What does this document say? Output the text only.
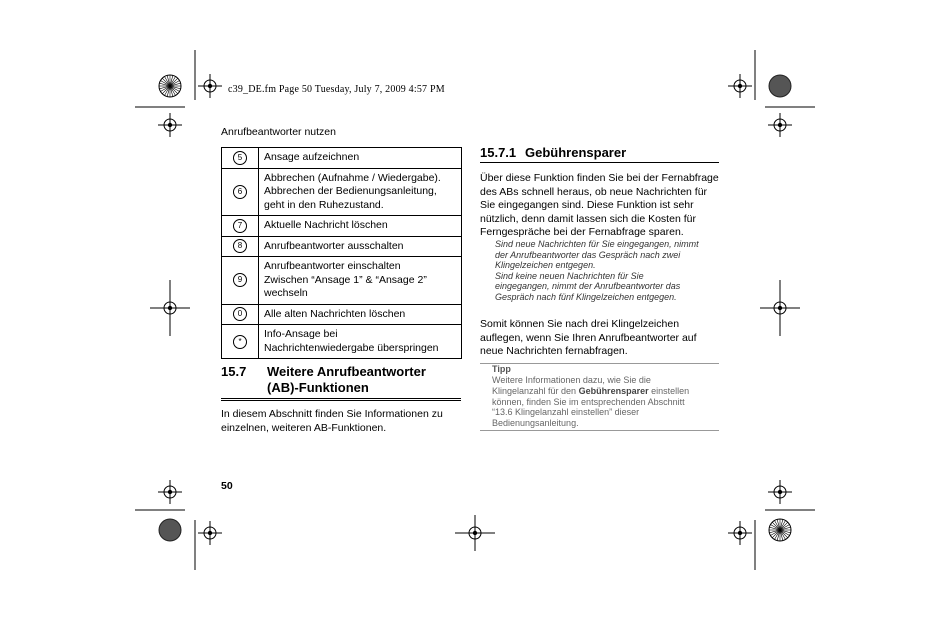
c39_DE.fm Page 50 Tuesday, July 7, 2009 4:57 PM
Anrufbeantworter nutzen
5	Ansage aufzeichnen
6	Abbrechen (Aufnahme / Wiedergabe).
Abbrechen der Bedienungsanleitung,
geht in den Ruhezustand.
7	Aktuelle Nachricht löschen
8	Anrufbeantworter ausschalten
9	Anrufbeantworter einschalten
Zwischen “Ansage 1” & “Ansage 2”
wechseln
0	Alle alten Nachrichten löschen
*	Info-Ansage bei
Nachrichtenwiedergabe überspringen
15.7 Weitere Anrufbeantworter
(AB)-Funktionen
In diesem Abschnitt finden Sie Informationen zu
einzelnen, weiteren AB-Funktionen.
50
15.7.1 Gebührensparer
Über diese Funktion finden Sie bei der Fernabfrage
des ABs schnell heraus, ob neue Nachrichten für
Sie eingegangen sind. Diese Funktion ist sehr
nützlich, denn damit lassen sich die Kosten für
Ferngespräche bei der Fernabfrage sparen.
Sind neue Nachrichten für Sie eingegangen, nimmt
der Anrufbeantworter das Gespräch nach zwei
Klingelzeichen entgegen.
Sind keine neuen Nachrichten für Sie
eingegangen, nimmt der Anrufbeantworter das
Gespräch nach fünf Klingelzeichen entgegen.
Somit können Sie nach drei Klingelzeichen
auflegen, wenn Sie Ihren Anrufbeantworter auf
neue Nachrichten fernabfragen.
Tipp
Weitere Informationen dazu, wie Sie die
Klingelanzahl für den Gebührensparer einstellen
können, finden Sie im entsprechenden Abschnitt
“13.6 Klingelanzahl einstellen” dieser
Bedienungsanleitung.
